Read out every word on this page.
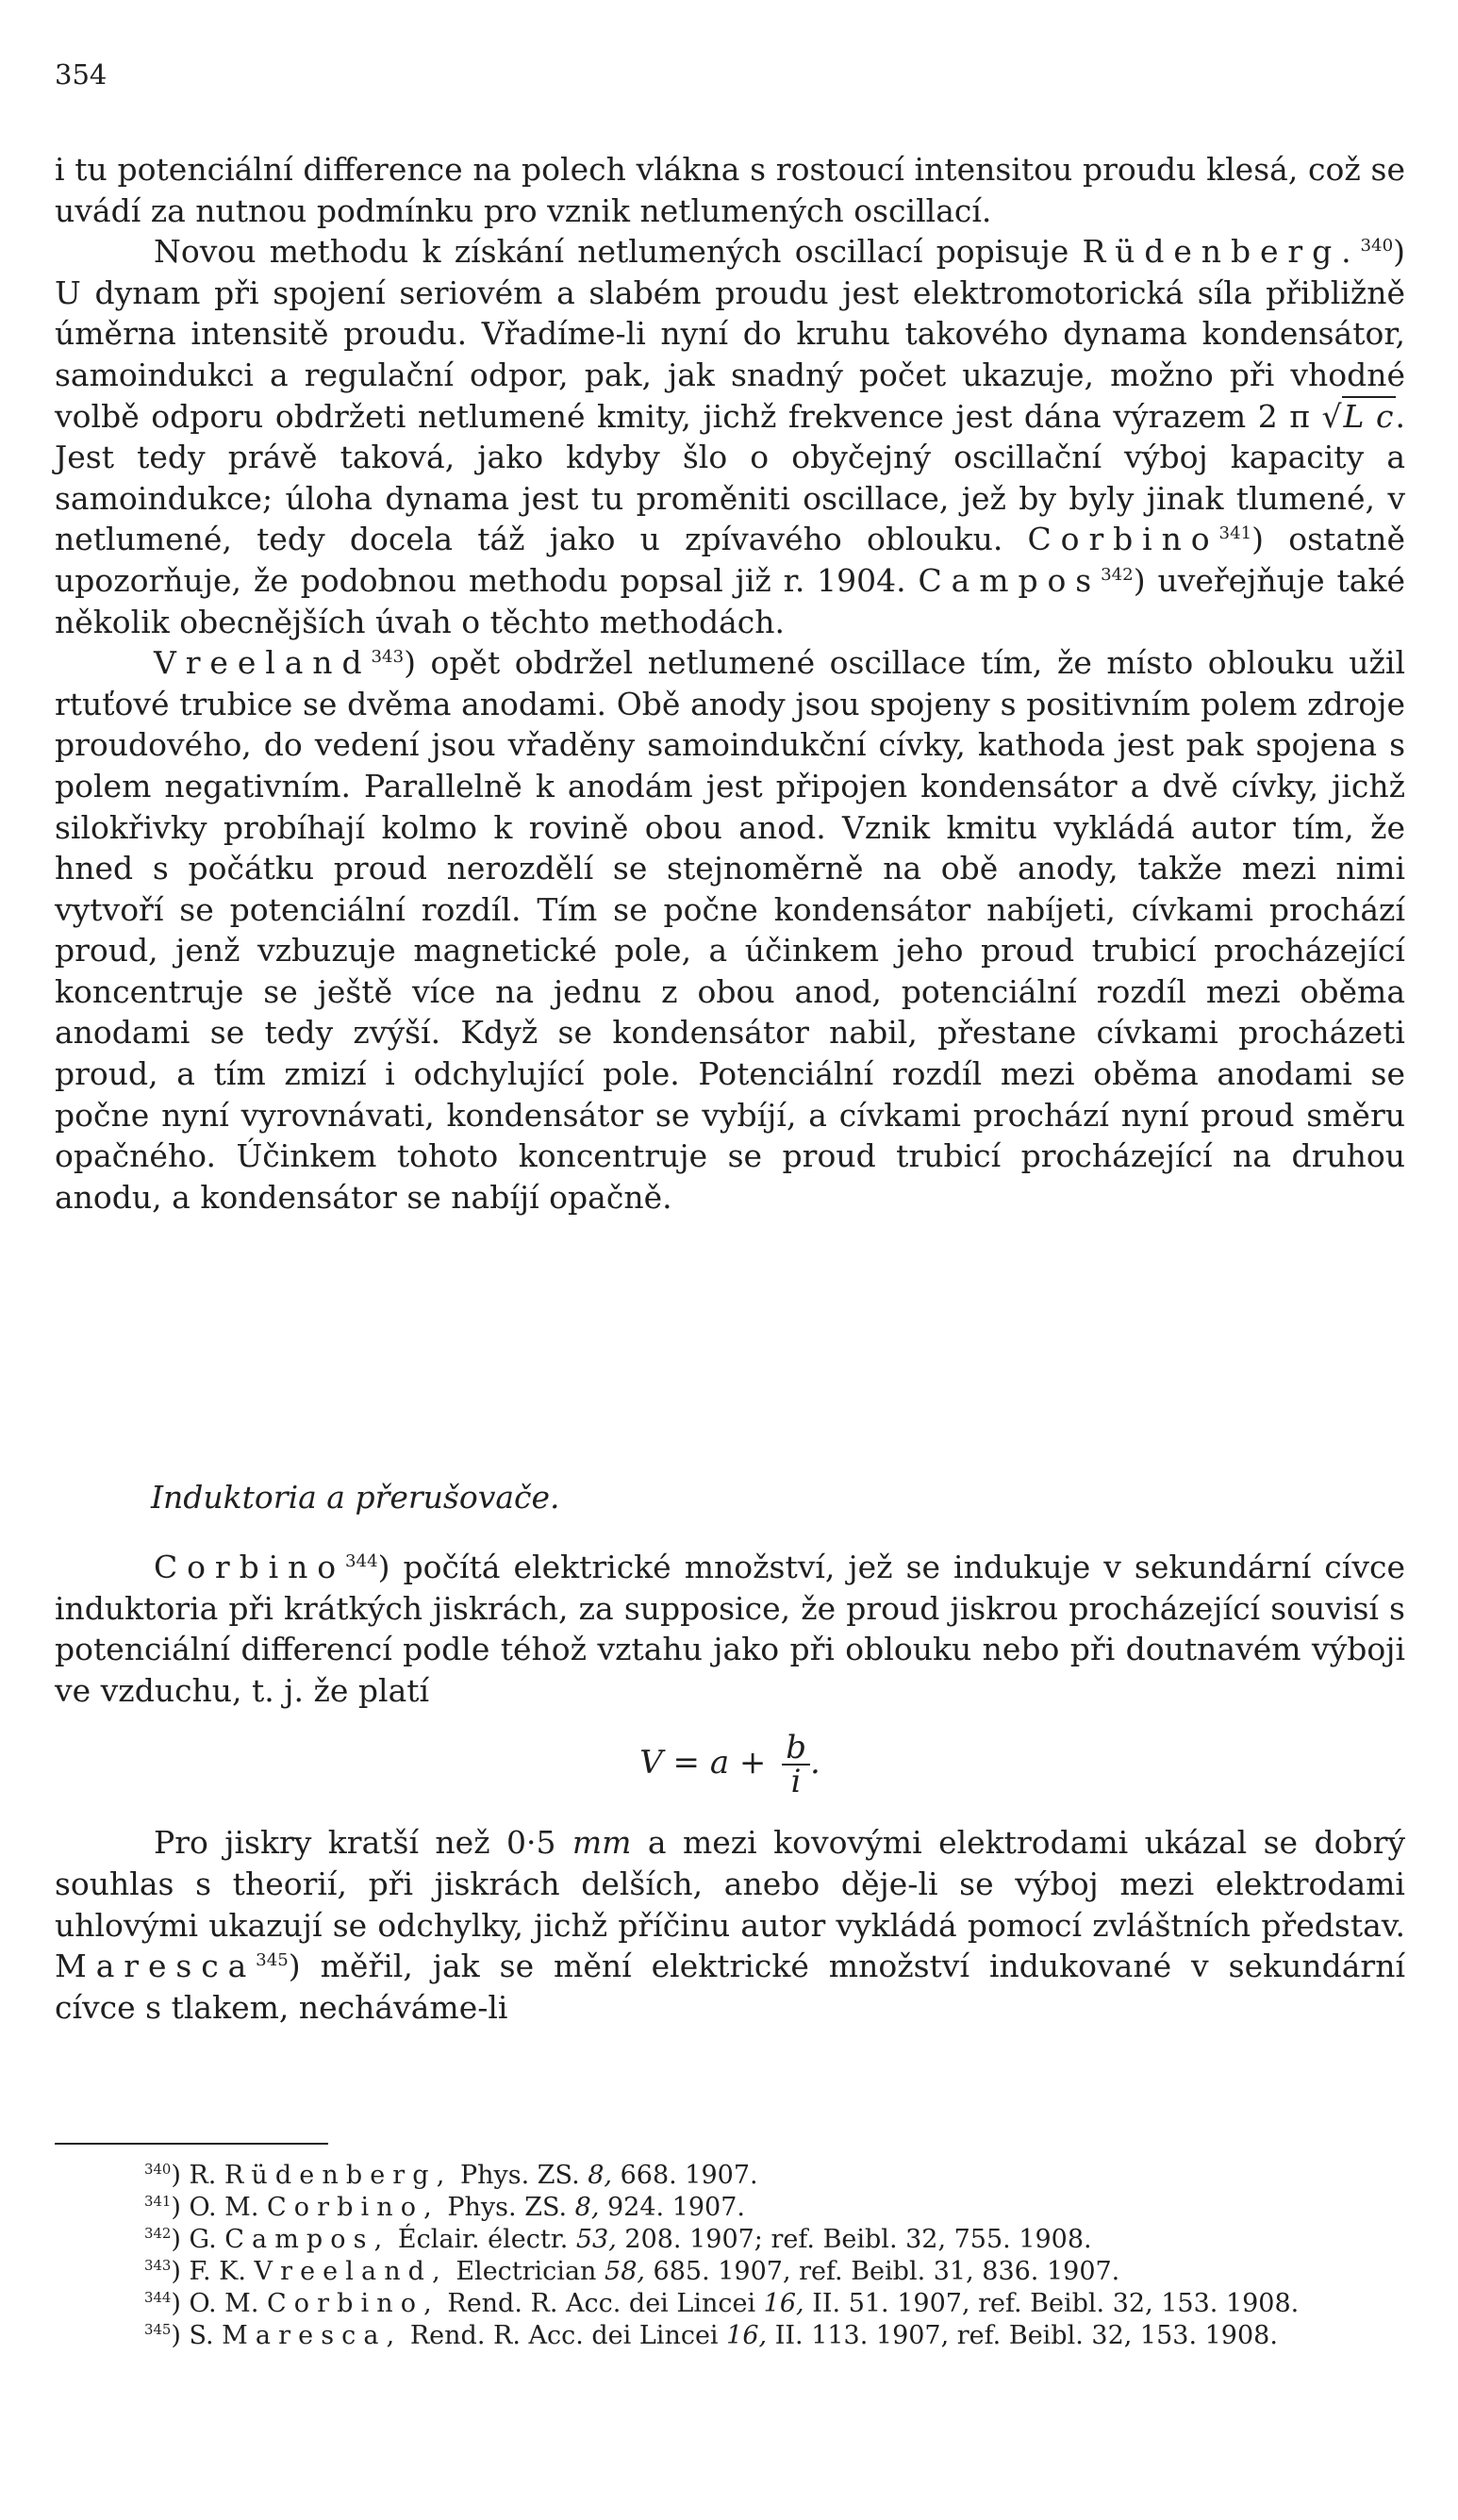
354

i tu potenciální difference na polech vlákna s rostoucí intensitou proudu klesá, což se uvádí za nutnou podmínku pro vznik netlumených oscillací.

Novou methodu k získání netlumených oscillací popisuje Rüdenberg.$^{340}$) U dynam při spojení seriovém a slabém proudu jest elektromotorická síla přibližně úměrna intensitě proudu. Vřadíme-li nyní do kruhu takového dynama kondensátor, samoindukci a regulační odpor, pak, jak snadný počet ukazuje, možno při vhodné volbě odporu obdržeti netlumené kmity, jichž frekvence jest dána výrazem 2 π √L c. Jest tedy právě taková, jako kdyby šlo o obyčejný oscillační výboj kapacity a samoindukce; úloha dynama jest tu proměniti oscillace, jež by byly jinak tlumené, v netlumené, tedy docela táž jako u zpívavého oblouku. Corbino$^{341}$) ostatně upozorňuje, že podobnou methodu popsal již r. 1904. Campos$^{342}$) uveřejňuje také několik obecnějších úvah o těchto methodách.

Vreeland$^{343}$) opět obdržel netlumené oscillace tím, že místo oblouku užil rtuťové trubice se dvěma anodami. Obě anody jsou spojeny s positivním polem zdroje proudového, do vedení jsou vřaděny samoindukční cívky, kathoda jest pak spojena s polem negativním. Parallelně k anodám jest připojen kondensátor a dvě cívky, jichž silokřivky probíhají kolmo k rovině obou anod. Vznik kmitu vykládá autor tím, že hned s počátku proud nerozdělí se stejnoměrně na obě anody, takže mezi nimi vytvoří se potenciální rozdíl. Tím se počne kondensátor nabíjeti, cívkami prochází proud, jenž vzbuzuje magnetické pole, a účinkem jeho proud trubicí procházející koncentruje se ještě více na jednu z obou anod, potenciální rozdíl mezi oběma anodami se tedy zvýší. Když se kondensátor nabil, přestane cívkami procházeti proud, a tím zmizí i odchylující pole. Potenciální rozdíl mezi oběma anodami se počne nyní vyrovnávati, kondensátor se vybíjí, a cívkami prochází nyní proud směru opačného. Účinkem tohoto koncentruje se proud trubicí procházející na druhou anodu, a kondensátor se nabíjí opačně.

Induktoria a přerušovače.

Corbino$^{344}$) počítá elektrické množství, jež se indukuje v sekundární cívce induktoria při krátkých jiskrách, za supposice, že proud jiskrou procházející souvisí s potenciální differencí podle téhož vztahu jako při oblouku nebo při doutnavém výboji ve vzduchu, t. j. že platí

$V = a + \frac{b}{i}$ .

Pro jiskry kratší než 0·5 mm a mezi kovovými elektrodami ukázal se dobrý souhlas s theorií, při jiskrách delších, anebo děje-li se výboj mezi elektrodami uhlovými ukazují se odchylky, jichž příčinu autor vykládá pomocí zvláštních představ. Maresca$^{345}$) měřil, jak se mění elektrické množství indukované v sekundární cívce s tlakem, necháváme-li

$^{340}$) R. Rüdenberg, Phys. ZS. 8, 668. 1907.

$^{341}$) O. M. Corbino, Phys. ZS. 8, 924. 1907.

$^{342}$) G. Campos, Éclair. électr. 53, 208. 1907; ref. Beibl. 32, 755. 1908.

$^{343}$) F. K. Vreeland, Electrician 58, 685. 1907, ref. Beibl. 31, 836. 1907.

$^{344}$) O. M. Corbino, Rend. R. Acc. dei Lincei 16, II. 51. 1907, ref. Beibl. 32, 153. 1908.

$^{345}$) S. Maresca, Rend. R. Acc. dei Lincei 16, II. 113. 1907, ref. Beibl. 32, 153. 1908.
